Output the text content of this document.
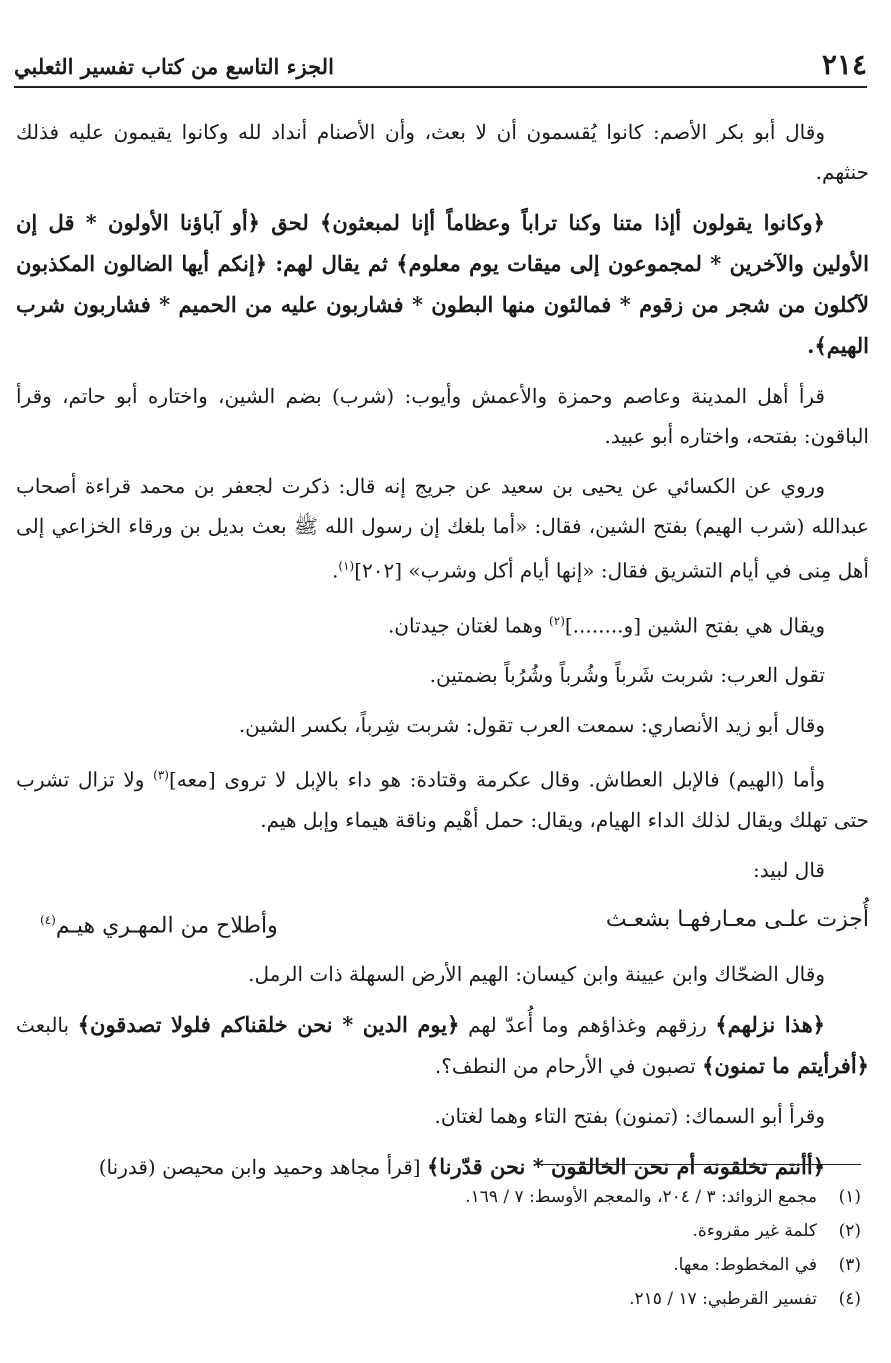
٢١٤
الجزء التاسع من كتاب تفسير الثعلبي

وقال أبو بكر الأصم: كانوا يُقسمون أن لا بعث، وأن الأصنام أنداد لله وكانوا يقيمون عليه فذلك حنثهم.

﴿وكانوا يقولون أإذا متنا وكنا تراباً وعظاماً أإنا لمبعثون﴾ لحق ﴿أو آباؤنا الأولون * قل إن الأولين والآخرين * لمجموعون إلى ميقات يوم معلوم﴾ ثم يقال لهم: ﴿إنكم أيها الضالون المكذبون لآكلون من شجر من زقوم * فمالئون منها البطون * فشاربون عليه من الحميم * فشاربون شرب الهيم﴾.

قرأ أهل المدينة وعاصم وحمزة والأعمش وأيوب: (شرب) بضم الشين، واختاره أبو حاتم، وقرأ الباقون: بفتحه، واختاره أبو عبيد.

وروي عن الكسائي عن يحيى بن سعيد عن جريج إنه قال: ذكرت لجعفر بن محمد قراءة أصحاب عبدالله (شرب الهيم) بفتح الشين، فقال: «أما بلغك إن رسول الله ﷺ بعث بديل بن ورقاء الخزاعي إلى أهل مِنى في أيام التشريق فقال: «إنها أيام أكل وشرب» [٢٠٢]$^{(١)}$.

ويقال هي بفتح الشين [و........]$^{(٢)}$ وهما لغتان جيدتان.

تقول العرب: شربت شَرباً وشُرباً وشُرُباً بضمتين.

وقال أبو زيد الأنصاري: سمعت العرب تقول: شربت شِرباً، بكسر الشين.

وأما (الهيم) فالإبل العطاش. وقال عكرمة وقتادة: هو داء بالإبل لا تروى [معه]$^{(٣)}$ ولا تزال تشرب حتى تهلك ويقال لذلك الداء الهيام، ويقال: حمل أهْيم وناقة هيماء وإبل هيم.

قال لبيد:

أُجزت علـى معـارفهـا بشعـث
وأطلاح من المهـري هيـم$^{(٤)}$

وقال الضحّاك وابن عيينة وابن كيسان: الهيم الأرض السهلة ذات الرمل.

﴿هذا نزلهم﴾ رزقهم وغذاؤهم وما أُعدّ لهم ﴿يوم الدين * نحن خلقناكم فلولا تصدقون﴾ بالبعث ﴿أفرأيتم ما تمنون﴾ تصبون في الأرحام من النطف؟.

وقرأ أبو السماك: (تمنون) بفتح التاء وهما لغتان.

﴿أأنتم تخلقونه أم نحن الخالقون * نحن قدّرنا﴾ [قرأ مجاهد وحميد وابن محيصن (قدرنا)

(١)مجمع الزوائد: ٣ / ٢٠٤، والمعجم الأوسط: ٧ / ١٦٩.
(٢)كلمة غير مقروءة.
(٣)في المخطوط: معها.
(٤)تفسير القرطبي: ١٧ / ٢١٥.
